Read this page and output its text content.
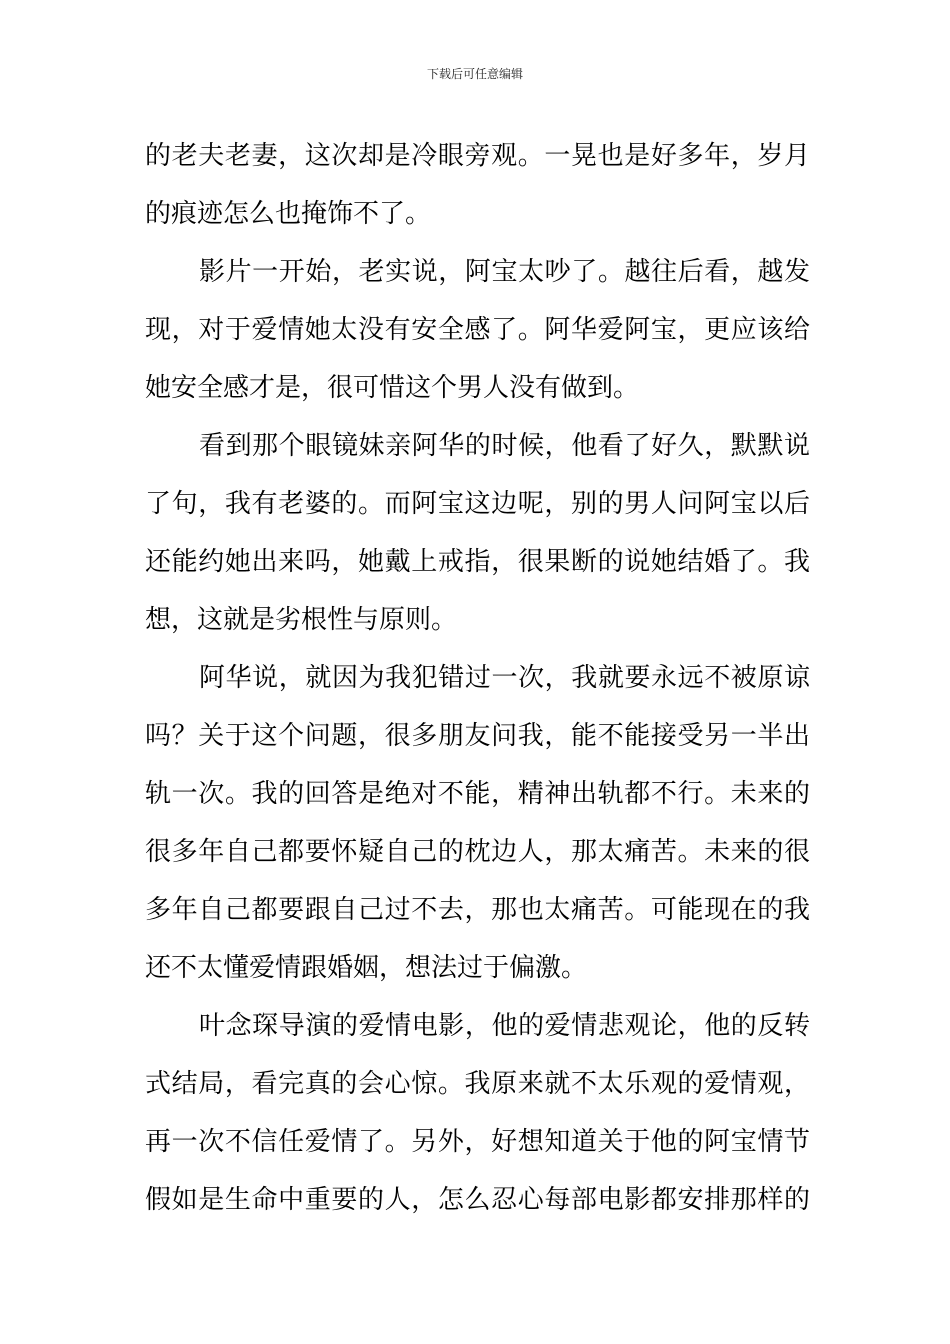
下载后可任意编辑
的老夫老妻，这次却是冷眼旁观。一晃也是好多年，岁月
的痕迹怎么也掩饰不了。
影片一开始，老实说，阿宝太吵了。越往后看，越发
现，对于爱情她太没有安全感了。阿华爱阿宝，更应该给
她安全感才是，很可惜这个男人没有做到。
看到那个眼镜妹亲阿华的时候，他看了好久，默默说
了句，我有老婆的。而阿宝这边呢，别的男人问阿宝以后
还能约她出来吗，她戴上戒指，很果断的说她结婚了。我
想，这就是劣根性与原则。
阿华说，就因为我犯错过一次，我就要永远不被原谅
吗？关于这个问题，很多朋友问我，能不能接受另一半出
轨一次。我的回答是绝对不能，精神出轨都不行。未来的
很多年自己都要怀疑自己的枕边人，那太痛苦。未来的很
多年自己都要跟自己过不去，那也太痛苦。可能现在的我
还不太懂爱情跟婚姻，想法过于偏激。
叶念琛导演的爱情电影，他的爱情悲观论，他的反转
式结局，看完真的会心惊。我原来就不太乐观的爱情观，
再一次不信任爱情了。另外，好想知道关于他的阿宝情节
假如是生命中重要的人，怎么忍心每部电影都安排那样的
